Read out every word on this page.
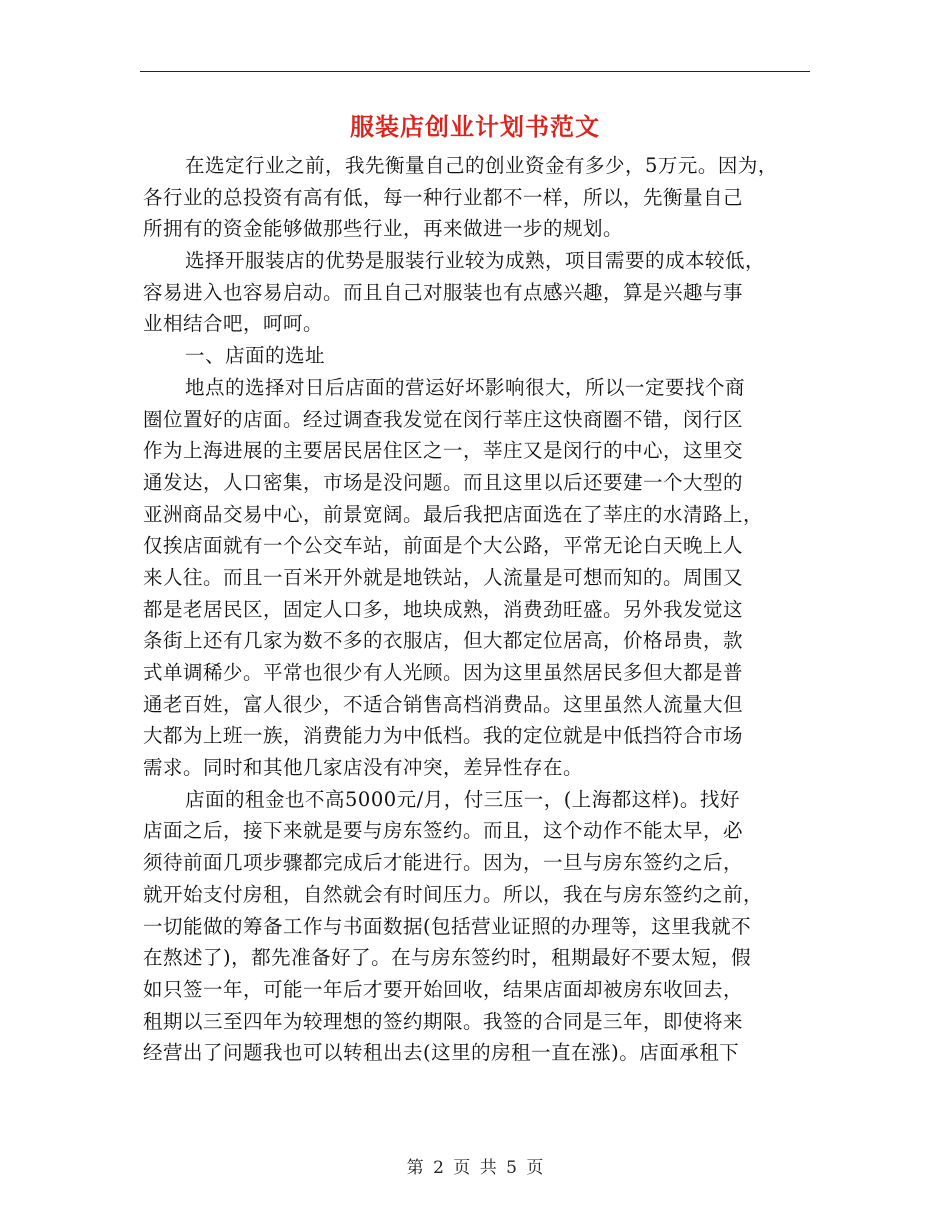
服装店创业计划书范文
在选定行业之前，我先衡量自己的创业资金有多少，5万元。因为，
各行业的总投资有高有低，每一种行业都不一样，所以，先衡量自己
所拥有的资金能够做那些行业，再来做进一步的规划。
选择开服装店的优势是服装行业较为成熟，项目需要的成本较低，
容易进入也容易启动。而且自己对服装也有点感兴趣，算是兴趣与事
业相结合吧，呵呵。
一、店面的选址
地点的选择对日后店面的营运好坏影响很大，所以一定要找个商
圈位置好的店面。经过调查我发觉在闵行莘庄这快商圈不错，闵行区
作为上海进展的主要居民居住区之一，莘庄又是闵行的中心，这里交
通发达，人口密集，市场是没问题。而且这里以后还要建一个大型的
亚洲商品交易中心，前景宽阔。最后我把店面选在了莘庄的水清路上，
仅挨店面就有一个公交车站，前面是个大公路，平常无论白天晚上人
来人往。而且一百米开外就是地铁站，人流量是可想而知的。周围又
都是老居民区，固定人口多，地块成熟，消费劲旺盛。另外我发觉这
条街上还有几家为数不多的衣服店，但大都定位居高，价格昂贵，款
式单调稀少。平常也很少有人光顾。因为这里虽然居民多但大都是普
通老百姓，富人很少，不适合销售高档消费品。这里虽然人流量大但
大都为上班一族，消费能力为中低档。我的定位就是中低挡符合市场
需求。同时和其他几家店没有冲突，差异性存在。
店面的租金也不高5000元/月，付三压一，(上海都这样)。找好
店面之后，接下来就是要与房东签约。而且，这个动作不能太早，必
须待前面几项步骤都完成后才能进行。因为，一旦与房东签约之后，
就开始支付房租，自然就会有时间压力。所以，我在与房东签约之前，
一切能做的筹备工作与书面数据(包括营业证照的办理等，这里我就不
在熬述了)，都先准备好了。在与房东签约时，租期最好不要太短，假
如只签一年，可能一年后才要开始回收，结果店面却被房东收回去，
租期以三至四年为较理想的签约期限。我签的合同是三年，即使将来
经营出了问题我也可以转租出去(这里的房租一直在涨)。店面承租下
第 2 页 共 5 页
